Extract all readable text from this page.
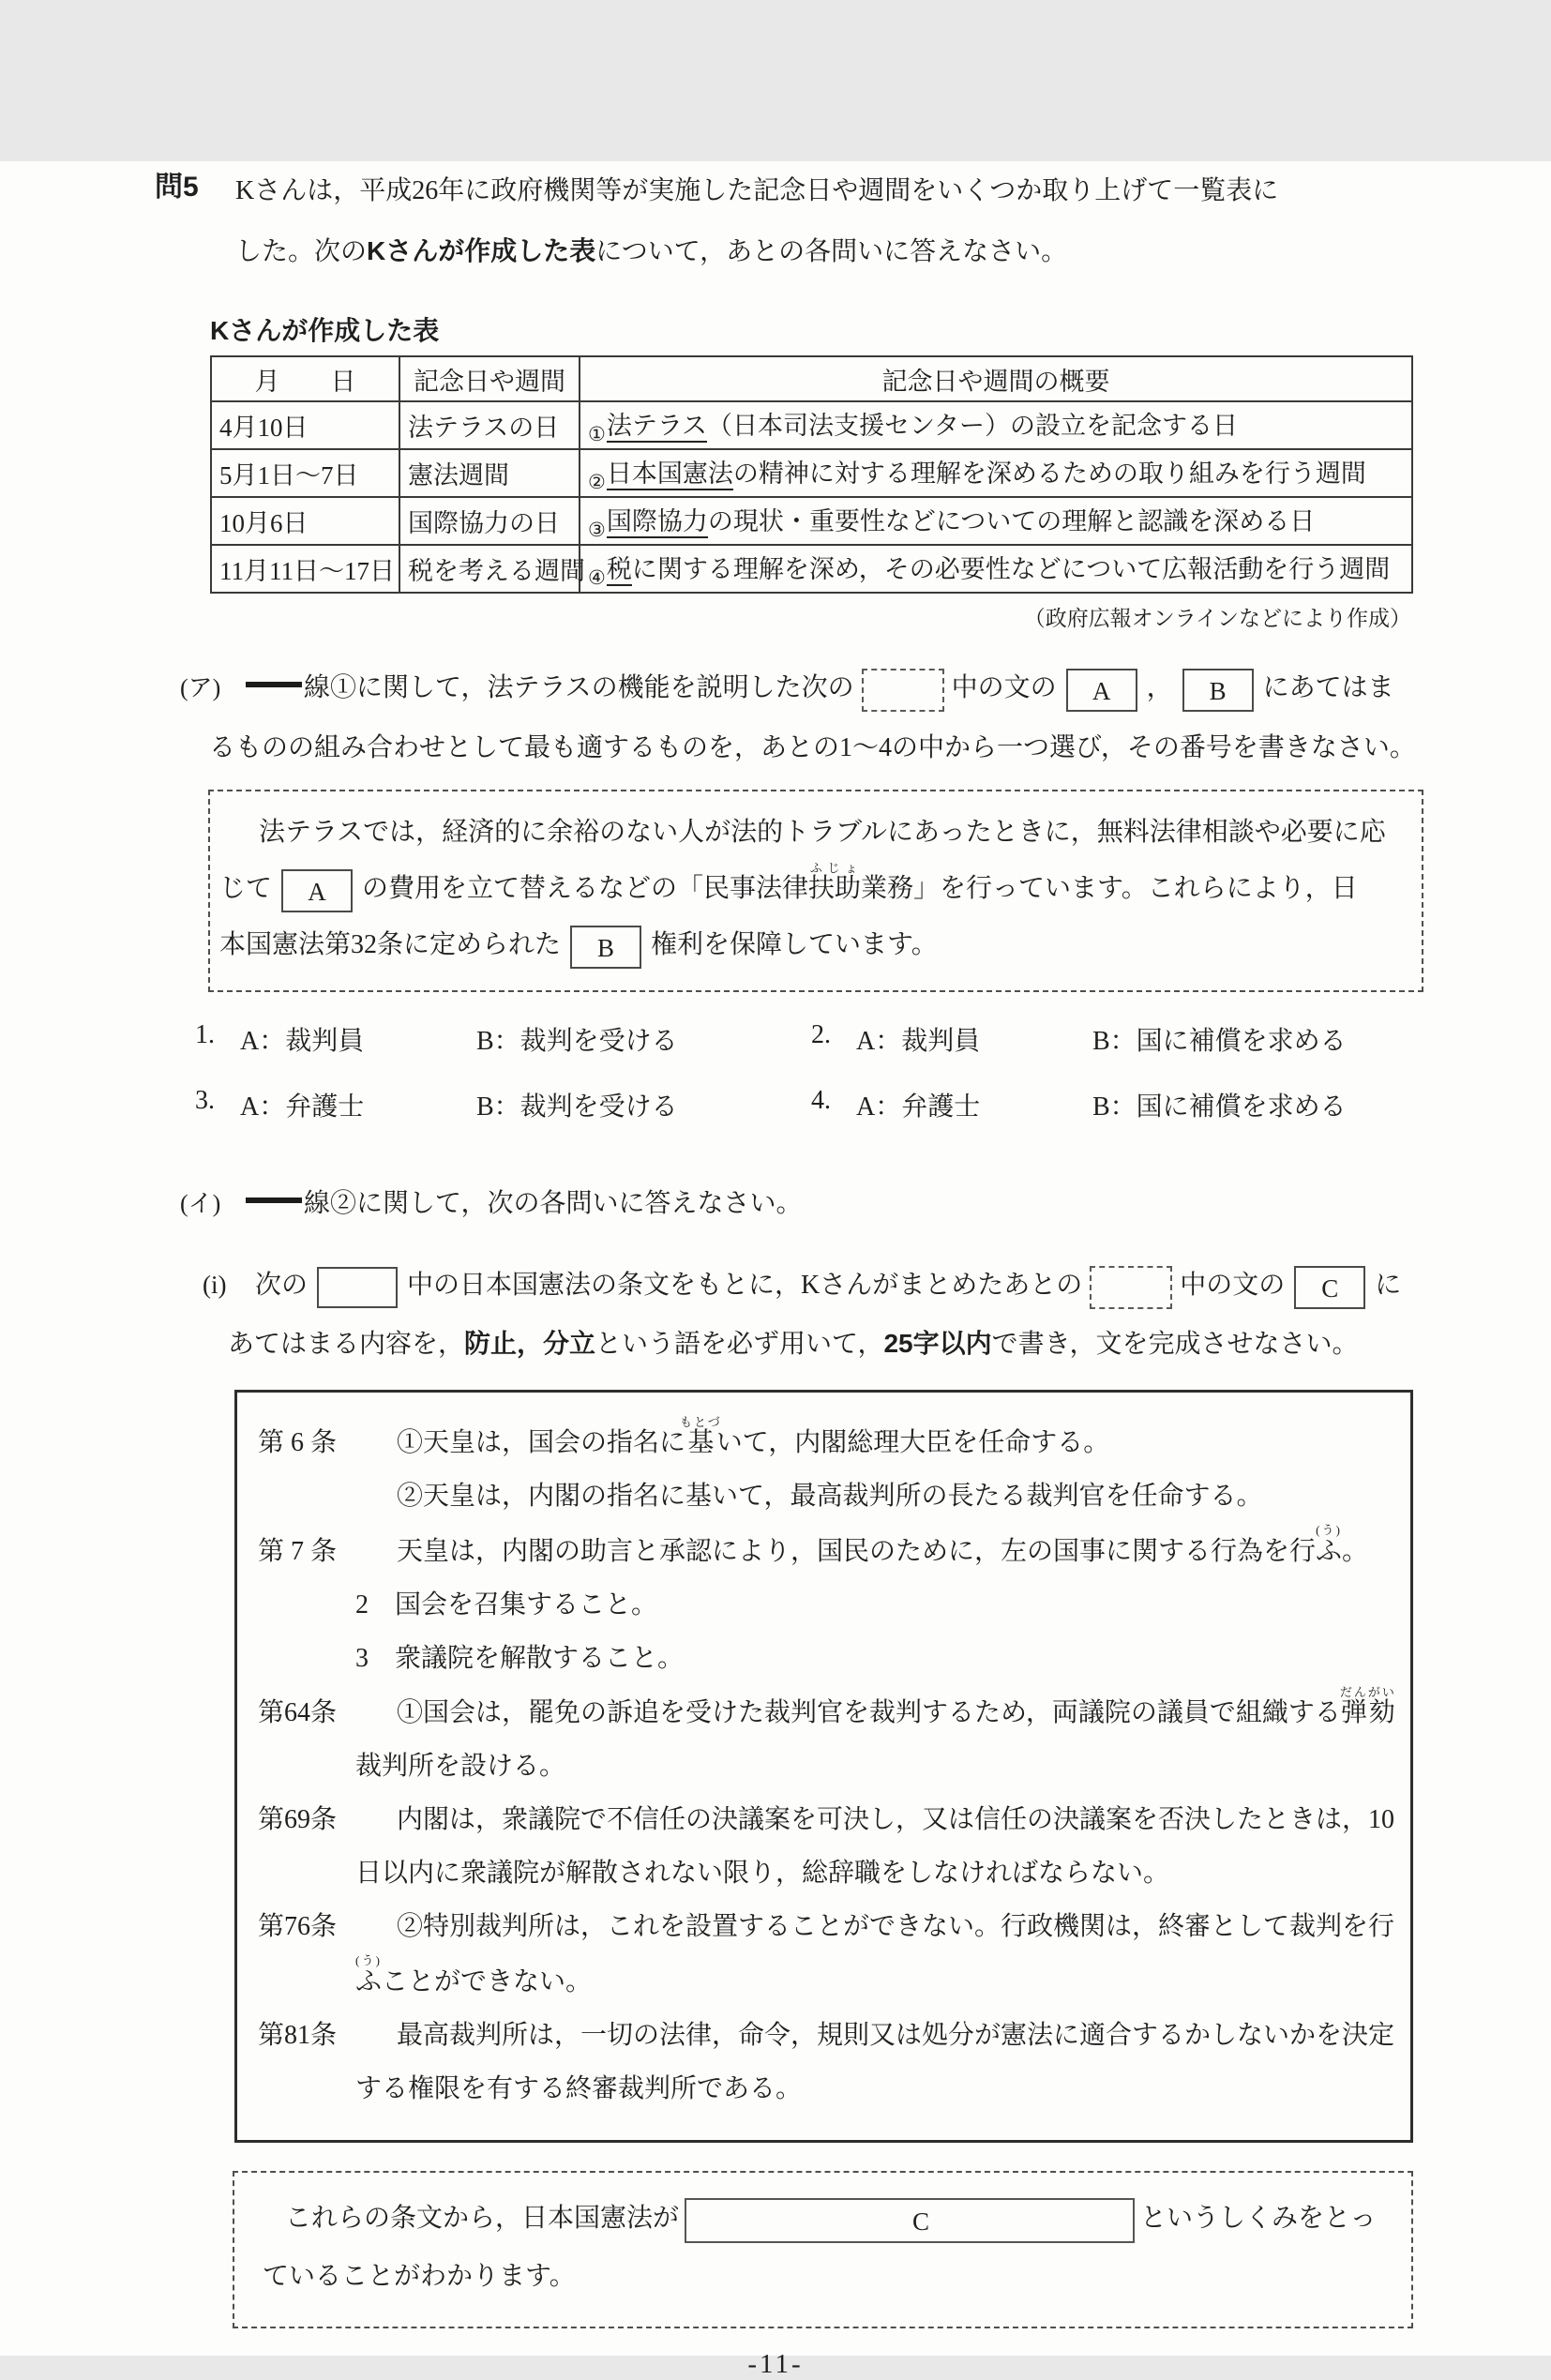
問5	Kさんは，平成26年に政府機関等が実施した記念日や週間をいくつか取り上げて一覧表に
した。次のKさんが作成した表について，あとの各問いに答えなさい。
Kさんが作成した表
月　　日	記念日や週間	記念日や週間の概要
4月10日	法テラスの日	$_①$法テラス（日本司法支援センター）の設立を記念する日
5月1日～7日	憲法週間	$_②$日本国憲法の精神に対する理解を深めるための取り組みを行う週間
10月6日	国際協力の日	$_③$国際協力の現状・重要性などについての理解と認識を深める日
11月11日～17日	税を考える週間	$_④$税に関する理解を深め，その必要性などについて広報活動を行う週間
（政府広報オンラインなどにより作成）
(ア)	線①に関して，法テラスの機能を説明した次の	中の文の A ， B にあてはま
るものの組み合わせとして最も適するものを，あとの1～4の中から一つ選び，その番号を書きなさい。
法テラスでは，経済的に余裕のない人が法的トラブルにあったときに，無料法律相談や必要に応
じて A の費用を立て替えるなどの「民事法律扶助ふじょ業務」を行っています。これらにより，日
本国憲法第32条に定められた B 権利を保障しています。
1. A：裁判員	B：裁判を受ける	2. A：裁判員	B：国に補償を求める
3. A：弁護士	B：裁判を受ける	4. A：弁護士	B：国に補償を求める
(イ)	線②に関して，次の各問いに答えなさい。
(i) 次の	中の日本国憲法の条文をもとに，Kさんがまとめたあとの	中の文の C に
あてはまる内容を，防止，分立という語を必ず用いて，25字以内で書き，文を完成させなさい。
第 6 条 ①天皇は，国会の指名に基もとづいて，内閣総理大臣を任命する。
②天皇は，内閣の指名に基いて，最高裁判所の長たる裁判官を任命する。
第 7 条 天皇は，内閣の助言と承認により，国民のために，左の国事に関する行為を行ふ(う)。
2　国会を召集すること。
3　衆議院を解散すること。
第64条 ①国会は，罷免の訴追を受けた裁判官を裁判するため，両議院の議員で組織する弾劾だんがい
裁判所を設ける。
第69条 内閣は，衆議院で不信任の決議案を可決し，又は信任の決議案を否決したときは，10
日以内に衆議院が解散されない限り，総辞職をしなければならない。
第76条 ②特別裁判所は，これを設置することができない。行政機関は，終審として裁判を行
ふ(う)ことができない。
第81条 最高裁判所は，一切の法律，命令，規則又は処分が憲法に適合するかしないかを決定
する権限を有する終審裁判所である。
これらの条文から，日本国憲法が	C	というしくみをとっ
ていることがわかります。
-11-
